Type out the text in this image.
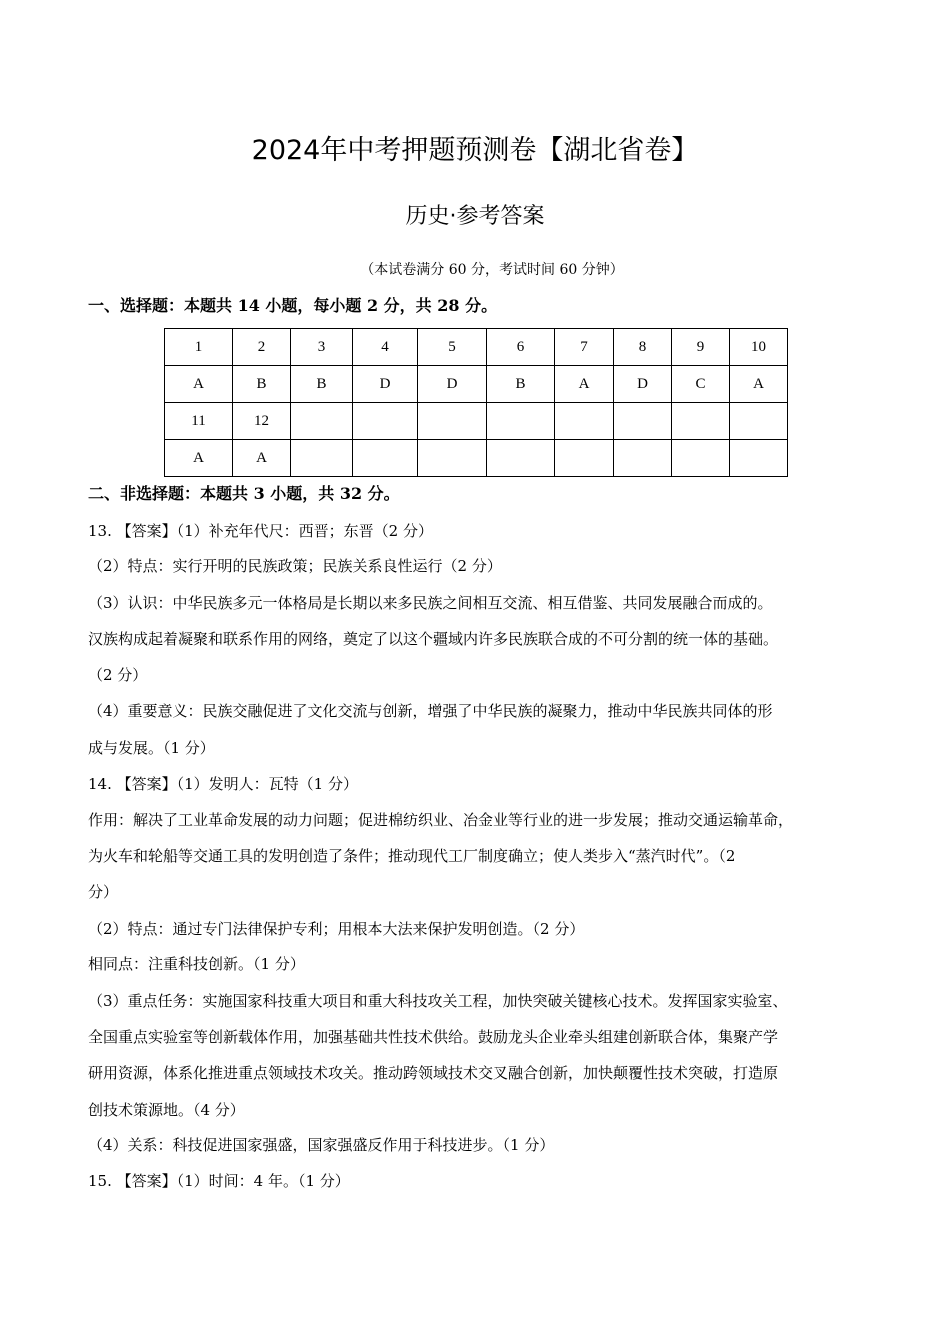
2024年中考押题预测卷【湖北省卷】
历史·参考答案
（本试卷满分 60 分，考试时间 60 分钟）
一、选择题：本题共 14 小题，每小题 2 分，共 28 分。
1	2	3	4	5	6	7	8	9	10
A	B	B	D	D	B	A	D	C	A
11	12								
A	A								
二、非选择题：本题共 3 小题，共 32 分。
13. 【答案】（1）补充年代尺：西晋；东晋（2 分）
（2）特点：实行开明的民族政策；民族关系良性运行（2 分）
（3）认识：中华民族多元一体格局是长期以来多民族之间相互交流、相互借鉴、共同发展融合而成的。
汉族构成起着凝聚和联系作用的网络，奠定了以这个疆域内许多民族联合成的不可分割的统一体的基础。
（2 分）
（4）重要意义：民族交融促进了文化交流与创新，增强了中华民族的凝聚力，推动中华民族共同体的形
成与发展。（1 分）
14. 【答案】（1）发明人：瓦特（1 分）
作用：解决了工业革命发展的动力问题；促进棉纺织业、冶金业等行业的进一步发展；推动交通运输革命，
为火车和轮船等交通工具的发明创造了条件；推动现代工厂制度确立；使人类步入“蒸汽时代”。（2
分）
（2）特点：通过专门法律保护专利；用根本大法来保护发明创造。（2 分）
相同点：注重科技创新。（1 分）
（3）重点任务：实施国家科技重大项目和重大科技攻关工程，加快突破关键核心技术。发挥国家实验室、
全国重点实验室等创新载体作用，加强基础共性技术供给。鼓励龙头企业牵头组建创新联合体，集聚产学
研用资源，体系化推进重点领域技术攻关。推动跨领域技术交叉融合创新，加快颠覆性技术突破，打造原
创技术策源地。（4 分）
（4）关系：科技促进国家强盛，国家强盛反作用于科技进步。（1 分）
15. 【答案】（1）时间：4 年。（1 分）
